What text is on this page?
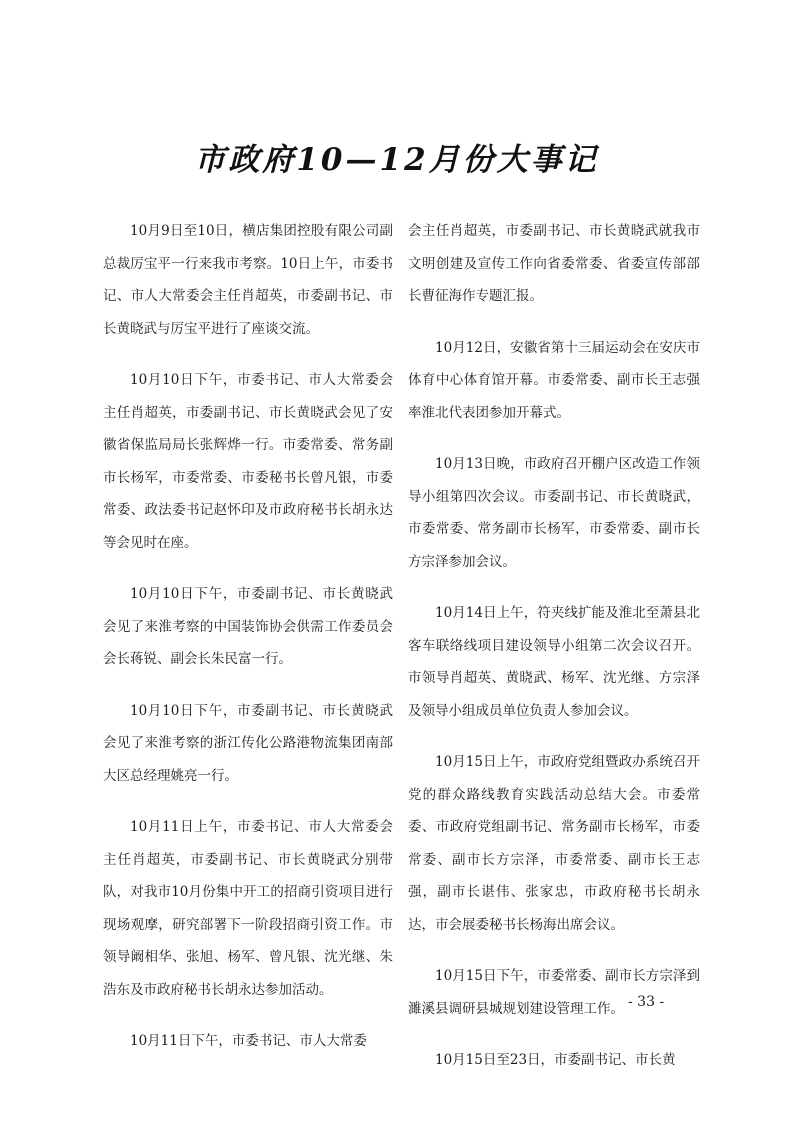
市政府10—12月份大事记

10月9日至10日，横店集团控股有限公司副总裁厉宝平一行来我市考察。10日上午，市委书记、市人大常委会主任肖超英，市委副书记、市长黄晓武与厉宝平进行了座谈交流。

10月10日下午，市委书记、市人大常委会主任肖超英，市委副书记、市长黄晓武会见了安徽省保监局局长张辉烨一行。市委常委、常务副市长杨军，市委常委、市委秘书长曾凡银，市委常委、政法委书记赵怀印及市政府秘书长胡永达等会见时在座。

10月10日下午，市委副书记、市长黄晓武会见了来淮考察的中国装饰协会供需工作委员会会长蒋锐、副会长朱民富一行。

10月10日下午，市委副书记、市长黄晓武会见了来淮考察的浙江传化公路港物流集团南部大区总经理姚亮一行。

10月11日上午，市委书记、市人大常委会主任肖超英，市委副书记、市长黄晓武分别带队，对我市10月份集中开工的招商引资项目进行现场观摩，研究部署下一阶段招商引资工作。市领导阚相华、张旭、杨军、曾凡银、沈光继、朱浩东及市政府秘书长胡永达参加活动。

10月11日下午，市委书记、市人大常委

会主任肖超英，市委副书记、市长黄晓武就我市文明创建及宣传工作向省委常委、省委宣传部部长曹征海作专题汇报。

10月12日，安徽省第十三届运动会在安庆市体育中心体育馆开幕。市委常委、副市长王志强率淮北代表团参加开幕式。

10月13日晚，市政府召开棚户区改造工作领导小组第四次会议。市委副书记、市长黄晓武，市委常委、常务副市长杨军，市委常委、副市长方宗泽参加会议。

10月14日上午，符夹线扩能及淮北至萧县北客车联络线项目建设领导小组第二次会议召开。市领导肖超英、黄晓武、杨军、沈光继、方宗泽及领导小组成员单位负责人参加会议。

10月15日上午，市政府党组暨政办系统召开党的群众路线教育实践活动总结大会。市委常委、市政府党组副书记、常务副市长杨军，市委常委、副市长方宗泽，市委常委、副市长王志强，副市长谌伟、张家忠，市政府秘书长胡永达，市会展委秘书长杨海出席会议。

10月15日下午，市委常委、副市长方宗泽到濉溪县调研县城规划建设管理工作。

10月15日至23日，市委副书记、市长黄

- 33 -
